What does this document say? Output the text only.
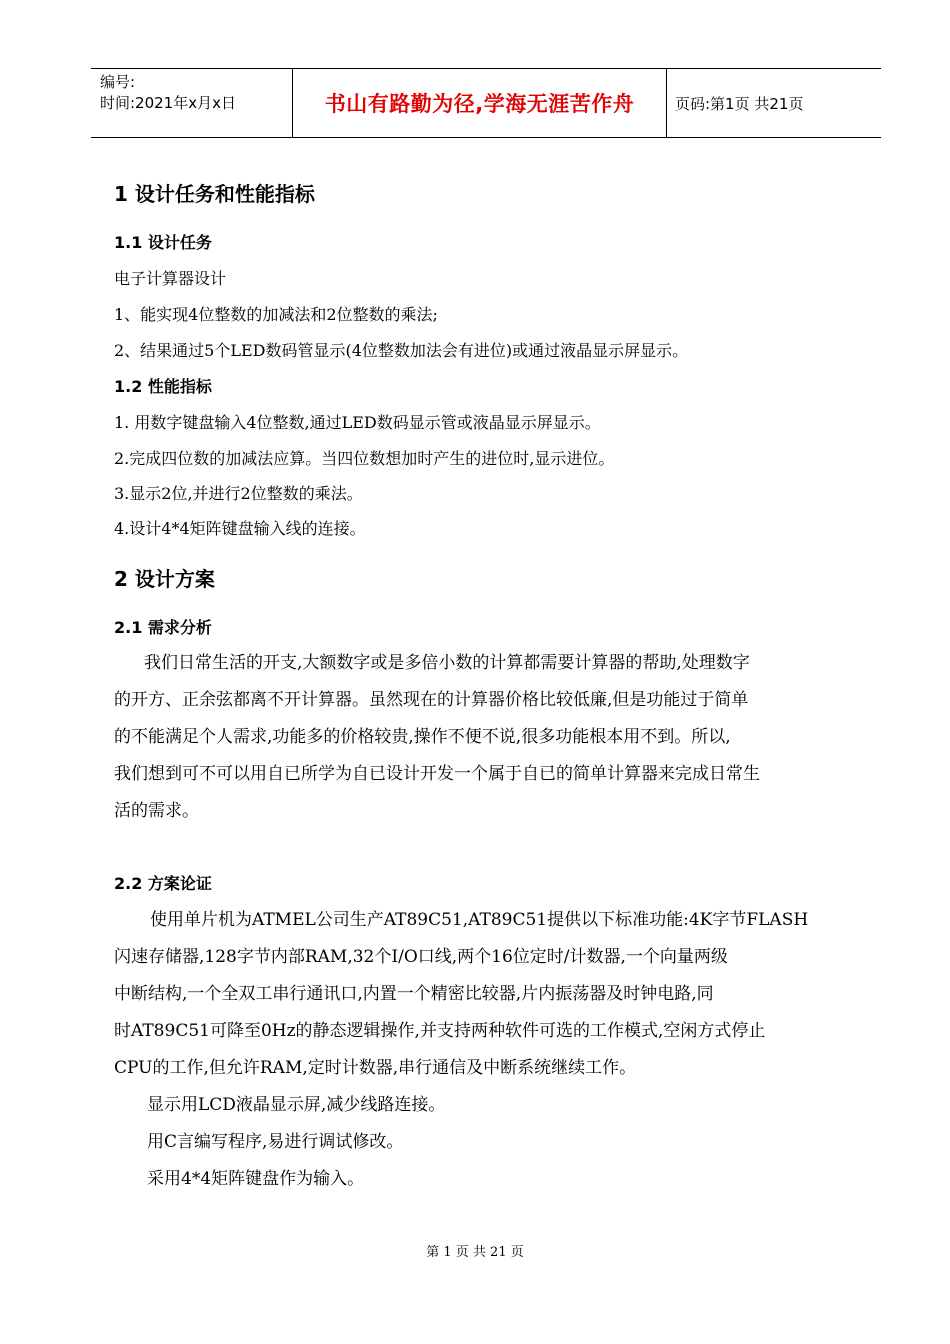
编号:
时间:2021年x月x日	书山有路勤为径,学海无涯苦作舟	页码:第1页 共21页
1 设计任务和性能指标
1.1 设计任务
电子计算器设计
1、能实现4位整数的加减法和2位整数的乘法;
2、结果通过5个LED数码管显示(4位整数加法会有进位)或通过液晶显示屏显示。
1.2 性能指标
1. 用数字键盘输入4位整数,通过LED数码显示管或液晶显示屏显示。
2.完成四位数的加减法应算。当四位数想加时产生的进位时,显示进位。
3.显示2位,并进行2位整数的乘法。
4.设计4*4矩阵键盘输入线的连接。
2 设计方案
2.1 需求分析
我们日常生活的开支,大额数字或是多倍小数的计算都需要计算器的帮助,处理数字
的开方、正余弦都离不开计算器。虽然现在的计算器价格比较低廉,但是功能过于简单
的不能满足个人需求,功能多的价格较贵,操作不便不说,很多功能根本用不到。所以,
我们想到可不可以用自已所学为自已设计开发一个属于自已的简单计算器来完成日常生
活的需求。
2.2 方案论证
使用单片机为ATMEL公司生产AT89C51,AT89C51提供以下标准功能:4K字节FLASH
闪速存储器,128字节内部RAM,32个I/O口线,两个16位定时/计数器,一个向量两级
中断结构,一个全双工串行通讯口,内置一个精密比较器,片内振荡器及时钟电路,同
时AT89C51可降至0Hz的静态逻辑操作,并支持两种软件可选的工作模式,空闲方式停止
CPU的工作,但允许RAM,定时计数器,串行通信及中断系统继续工作。
显示用LCD液晶显示屏,减少线路连接。
用C言编写程序,易进行调试修改。
采用4*4矩阵键盘作为输入。
第 1 页 共 21 页
